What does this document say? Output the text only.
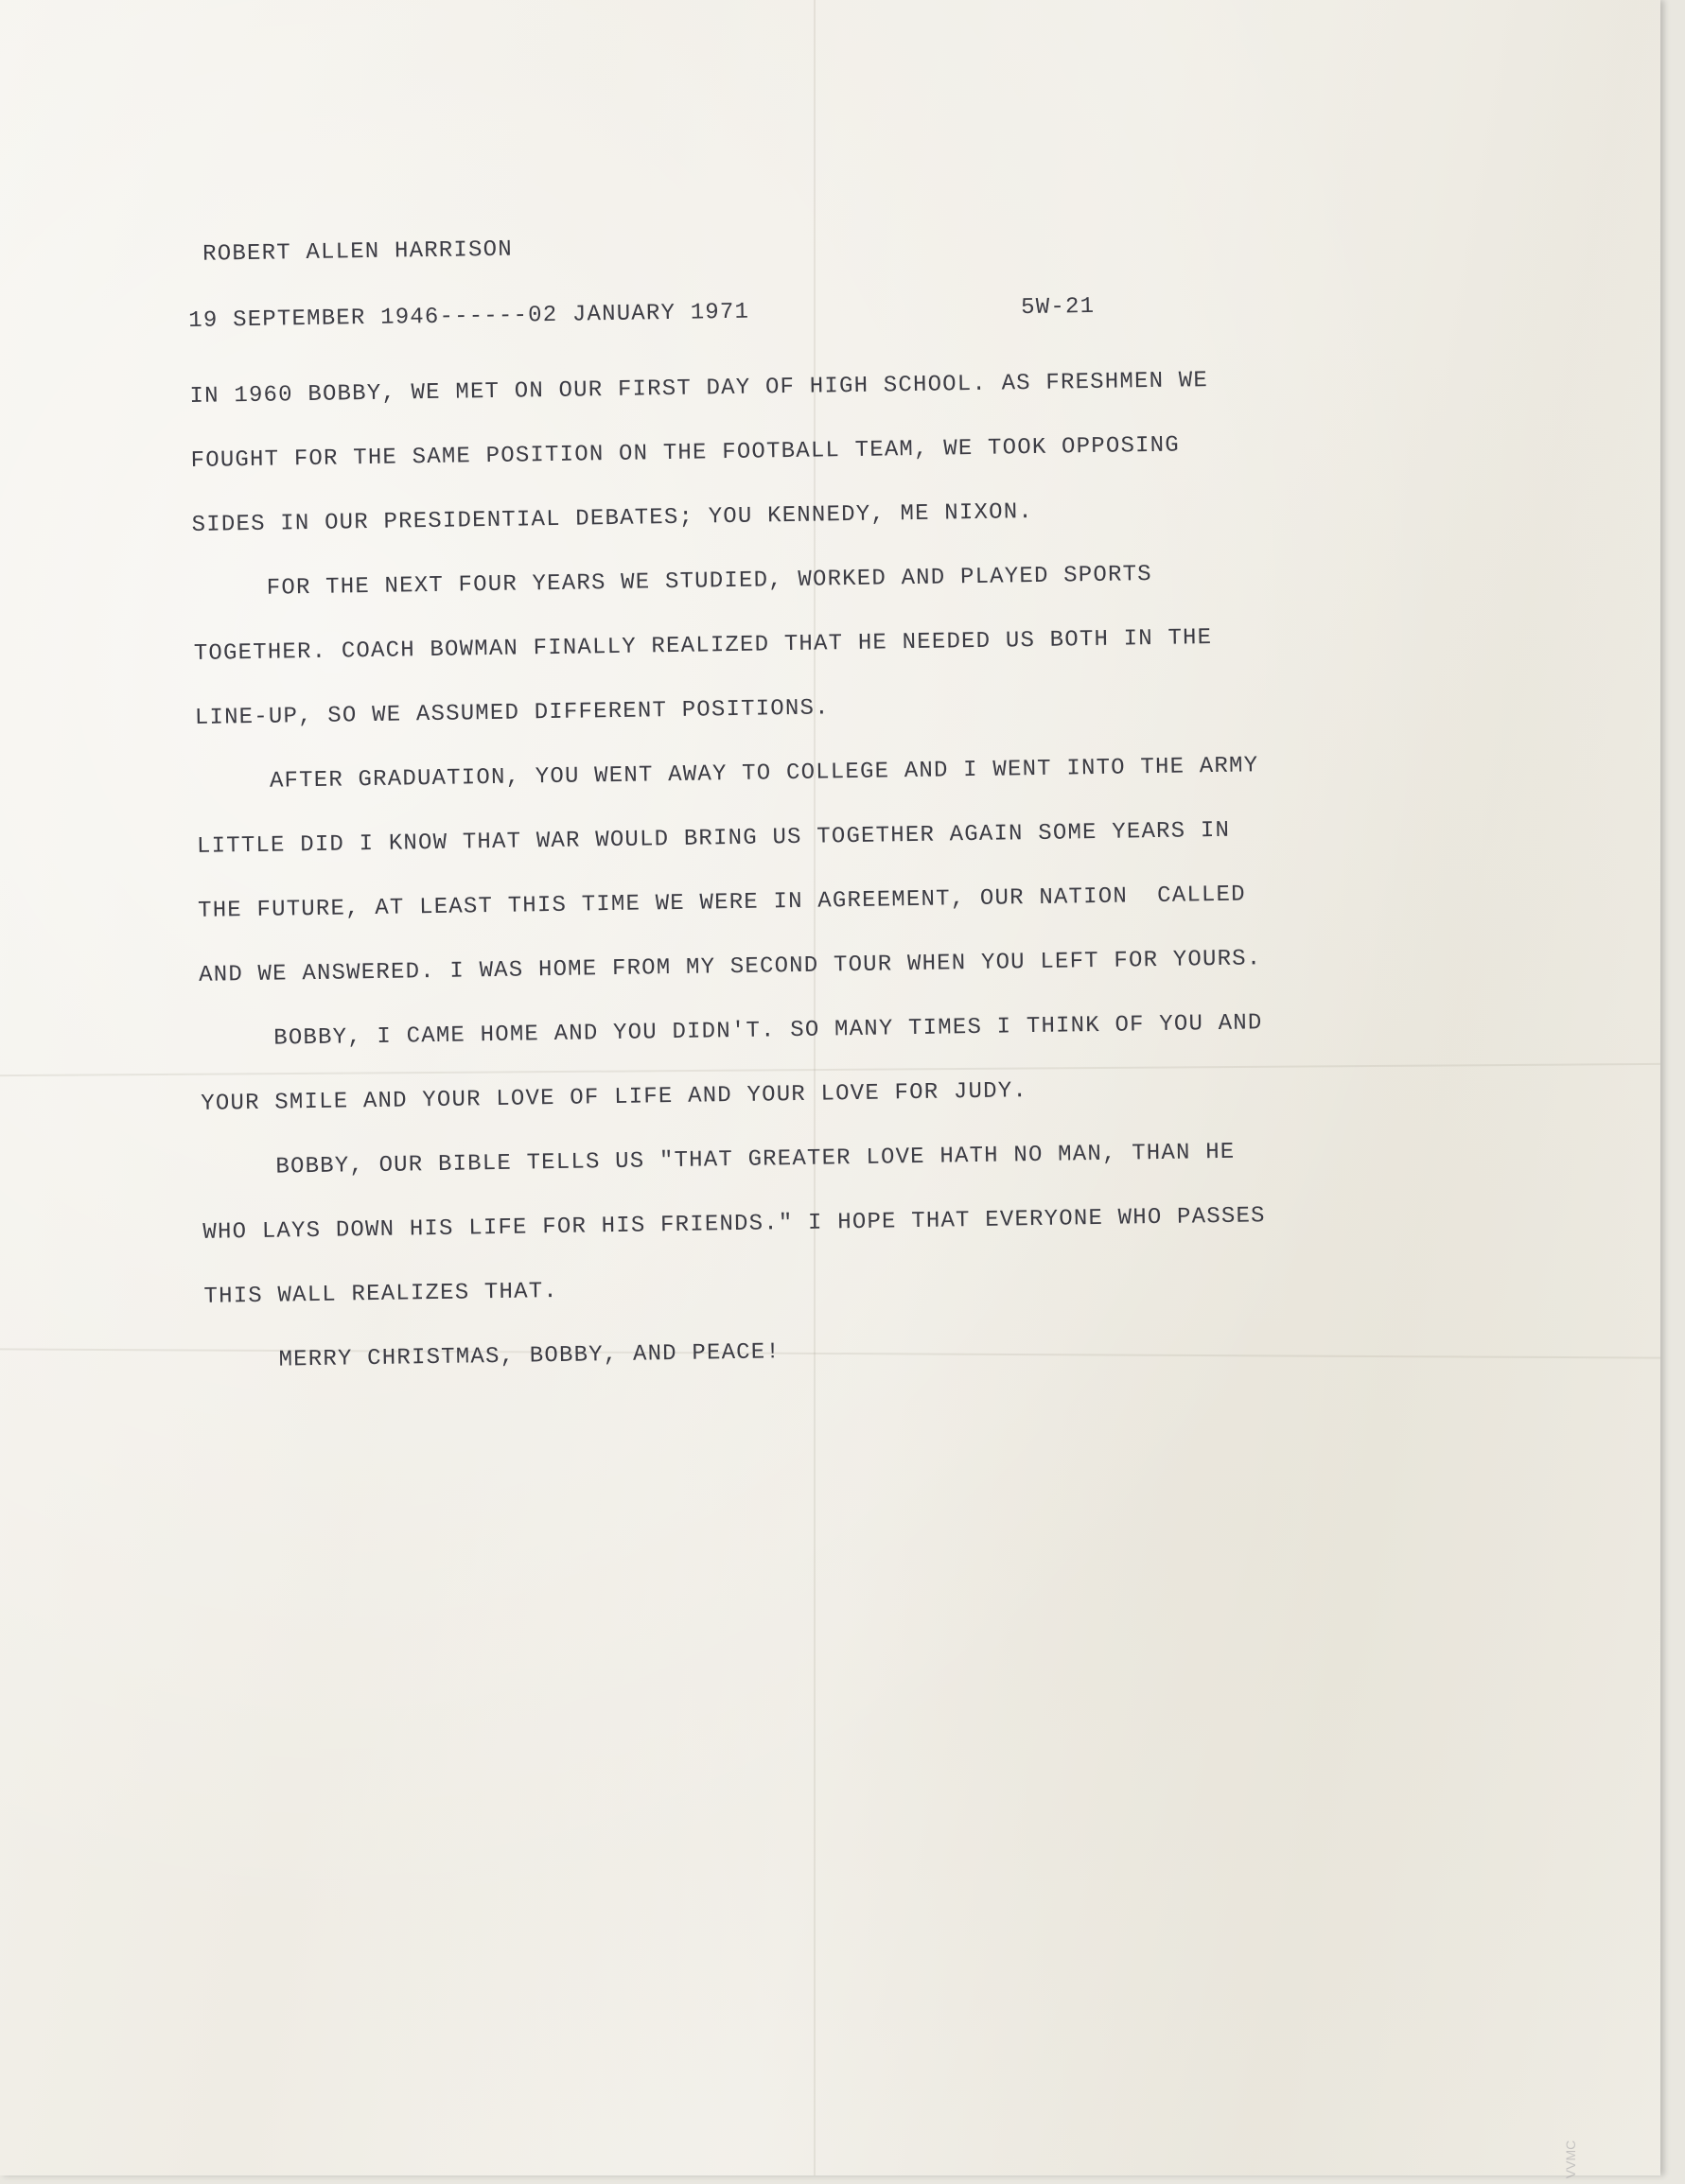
ROBERT ALLEN HARRISON
19 SEPTEMBER 1946------02 JANUARY 1971	5W-21
IN 1960 BOBBY, WE MET ON OUR FIRST DAY OF HIGH SCHOOL. AS FRESHMEN WE
FOUGHT FOR THE SAME POSITION ON THE FOOTBALL TEAM, WE TOOK OPPOSING
SIDES IN OUR PRESIDENTIAL DEBATES; YOU KENNEDY, ME NIXON.
FOR THE NEXT FOUR YEARS WE STUDIED, WORKED AND PLAYED SPORTS
TOGETHER. COACH BOWMAN FINALLY REALIZED THAT HE NEEDED US BOTH IN THE
LINE-UP, SO WE ASSUMED DIFFERENT POSITIONS.
AFTER GRADUATION, YOU WENT AWAY TO COLLEGE AND I WENT INTO THE ARMY
LITTLE DID I KNOW THAT WAR WOULD BRING US TOGETHER AGAIN SOME YEARS IN
THE FUTURE, AT LEAST THIS TIME WE WERE IN AGREEMENT, OUR NATION  CALLED
AND WE ANSWERED. I WAS HOME FROM MY SECOND TOUR WHEN YOU LEFT FOR YOURS.
BOBBY, I CAME HOME AND YOU DIDN'T. SO MANY TIMES I THINK OF YOU AND
YOUR SMILE AND YOUR LOVE OF LIFE AND YOUR LOVE FOR JUDY.
BOBBY, OUR BIBLE TELLS US "THAT GREATER LOVE HATH NO MAN, THAN HE
WHO LAYS DOWN HIS LIFE FOR HIS FRIENDS." I HOPE THAT EVERYONE WHO PASSES
THIS WALL REALIZES THAT.
MERRY CHRISTMAS, BOBBY, AND PEACE!
VVMC
